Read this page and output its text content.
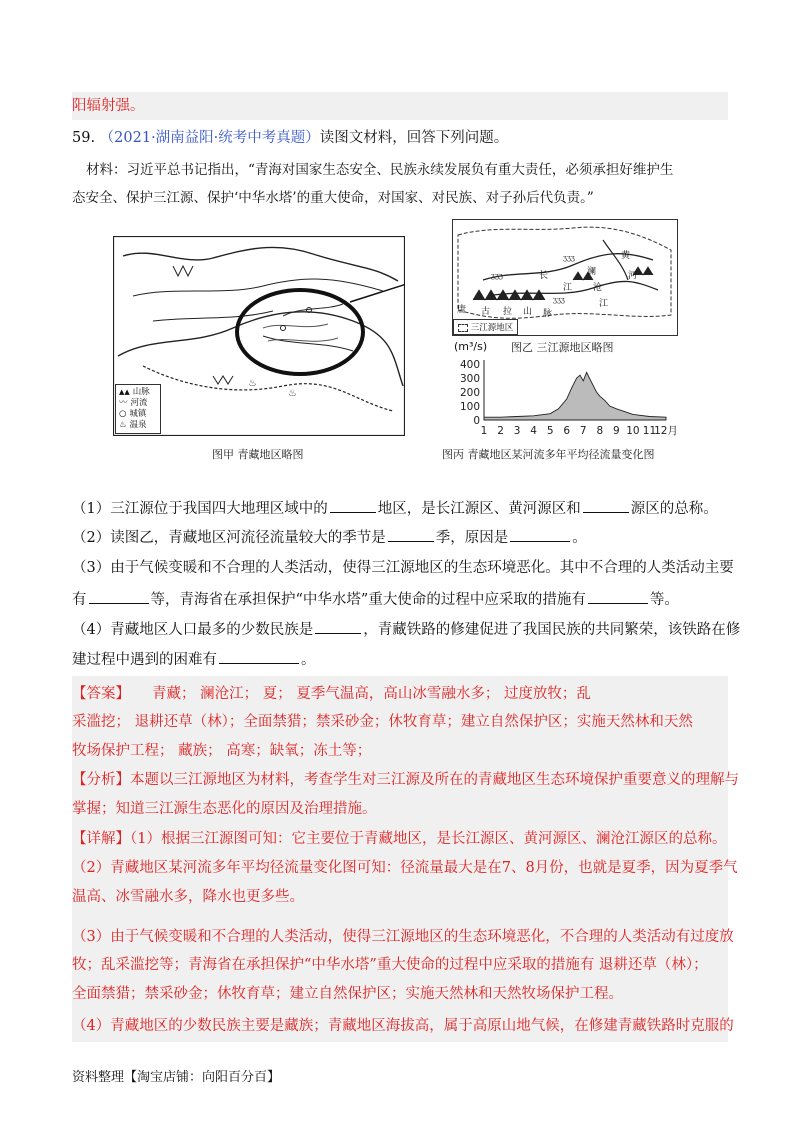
阳辐射强。
59. （2021·湖南益阳·统考中考真题）读图文材料，回答下列问题。
材料：习近平总书记指出，“青海对国家生态安全、民族永续发展负有重大责任，必须承担好维护生
态安全、保护三江源、保护‘中华水塔’的重大使命，对国家、对民族、对子孙后代负责。”
♨
♨
▲▲ 山脉
〰 河流
○ 城镇
♨ 温泉
图甲 青藏地区略图
ʒʒʒ
ʒʒʒ
ʒʒʒ
长
江
黄
河
澜
沧
江
唐 古 拉 山 脉
三江源地区
图乙 三江源地区略图
(m³/s)
400
300
200
100
0
1 2 3 4 5 6 7 8 9 10 11
12月
图丙 青藏地区某河流多年平均径流量变化图
（1）三江源位于我国四大地理区域中的	地区，是长江源区、黄河源区和	源区的总称。
（2）读图乙，青藏地区河流径流量较大的季节是	季，原因是	。
（3）由于气候变暖和不合理的人类活动，使得三江源地区的生态环境恶化。其中不合理的人类活动主要
有	等，青海省在承担保护“中华水塔”重大使命的过程中应采取的措施有	等。
（4）青藏地区人口最多的少数民族是	，青藏铁路的修建促进了我国民族的共同繁荣，该铁路在修
建过程中遇到的困难有	。
【答案】 青藏； 澜沧江； 夏； 夏季气温高，高山冰雪融水多； 过度放牧；乱
采滥挖； 退耕还草（林）；全面禁猎；禁采砂金；休牧育草；建立自然保护区；实施天然林和天然
牧场保护工程； 藏族； 高寒；缺氧；冻土等；
【分析】本题以三江源地区为材料，考查学生对三江源及所在的青藏地区生态环境保护重要意义的理解与
掌握；知道三江源生态恶化的原因及治理措施。
【详解】（1）根据三江源图可知：它主要位于青藏地区，是长江源区、黄河源区、澜沧江源区的总称。
（2）青藏地区某河流多年平均径流量变化图可知：径流量最大是在7、8月份，也就是夏季，因为夏季气
温高、冰雪融水多，降水也更多些。
（3）由于气候变暖和不合理的人类活动，使得三江源地区的生态环境恶化，不合理的人类活动有过度放
牧；乱采滥挖等；青海省在承担保护“中华水塔”重大使命的过程中应采取的措施有 退耕还草（林）；
全面禁猎；禁采砂金；休牧育草；建立自然保护区；实施天然林和天然牧场保护工程。
（4）青藏地区的少数民族主要是藏族；青藏地区海拔高，属于高原山地气候，在修建青藏铁路时克服的
资料整理【淘宝店铺：向阳百分百】
